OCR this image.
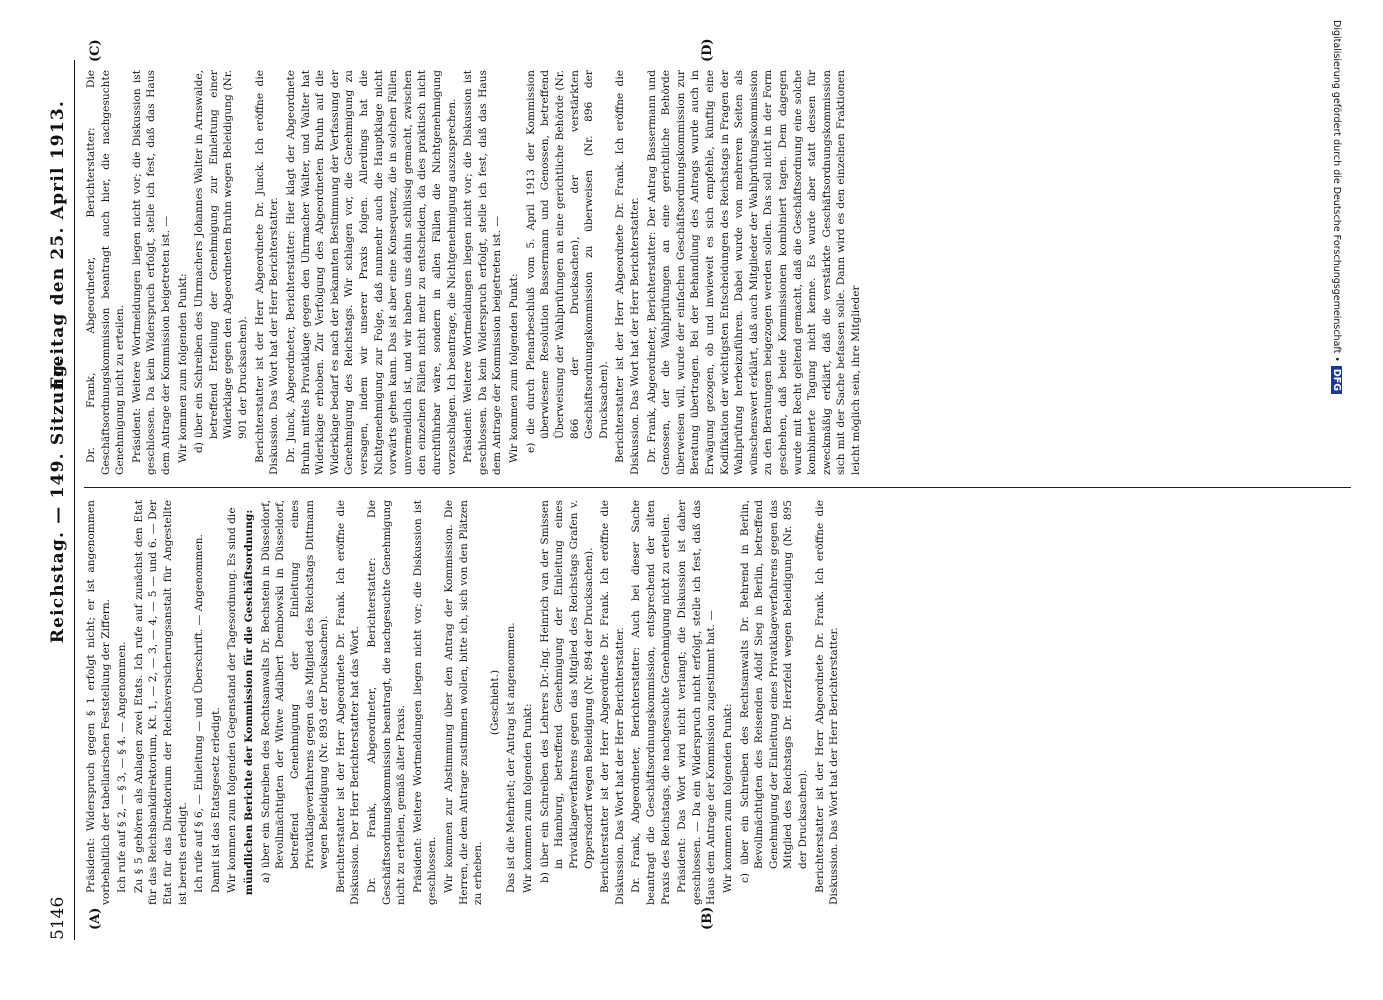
5146
Reichstag. — 149. Sitzung.
Freitag den 25. April 1913.
(A)	(B)
(C)	(D)

Präsident: Widerspruch gegen § 1 erfolgt nicht; er ist angenommen vorbehaltlich der tabellarischen Feststellung der Ziffern. Ich rufe auf § 2, — § 3, — § 4. — Angenommen. Zu § 5 gehören als Anlagen zwei Etats. Ich rufe auf zunächst den Etat für das Reichsbankdirektorium, Kt. 1, — 2, — 3, — 4, — 5 — und 6. — Der Etat für das Direktorium der Reichsversicherungsanstalt für Angestellte ist bereits erledigt. Ich rufe auf § 6, — Einleitung — und Überschrift. — Angenommen. Damit ist das Etatsgesetz erledigt. Wir kommen zum folgenden Gegenstand der Tagesordnung. Es sind die mündlichen Berichte der Kommission für die Geschäftsordnung: a) über ein Schreiben des Rechtsanwalts Dr. Bechstein in Düsseldorf, Bevollmächtigten der Witwe Adalbert Dembowski in Düsseldorf, betreffend Genehmigung der Einleitung eines Privatklageverfahrens gegen das Mitglied des Reichstags Dittmann wegen Beleidigung (Nr. 893 der Drucksachen). Berichterstatter ist der Herr Abgeordnete Dr. Frank. Ich eröffne die Diskussion. Der Herr Berichterstatter hat das Wort. Dr. Frank, Abgeordneter, Berichterstatter: Die Geschäftsordnungskommission beantragt, die nachgesuchte Genehmigung nicht zu erteilen, gemäß alter Praxis. Präsident: Weitere Wortmeldungen liegen nicht vor; die Diskussion ist geschlossen. Wir kommen zur Abstimmung über den Antrag der Kommission. Die Herren, die dem Antrage zustimmen wollen, bitte ich, sich von den Plätzen zu erheben.

(Geschieht.) Das ist die Mehrheit; der Antrag ist angenommen. Wir kommen zum folgenden Punkt: b) über ein Schreiben des Lehrers Dr.-Ing. Heinrich van der Smissen in Hamburg, betreffend Genehmigung der Einleitung eines Privatklageverfahrens gegen das Mitglied des Reichstags Grafen v. Oppersdorff wegen Beleidigung (Nr. 894 der Drucksachen). Berichterstatter ist der Herr Abgeordnete Dr. Frank. Ich eröffne die Diskussion. Das Wort hat der Herr Berichterstatter. Dr. Frank, Abgeordneter, Berichterstatter: Auch bei dieser Sache beantragt die Geschäftsordnungskommission, entsprechend der alten Praxis des Reichstags, die nachgesuchte Genehmigung nicht zu erteilen. Präsident: Das Wort wird nicht verlangt; die Diskussion ist daher geschlossen. — Da ein Widerspruch nicht erfolgt, stelle ich fest, daß das Haus dem Antrage der Kommission zugestimmt hat. — Wir kommen zum folgenden Punkt: c) über ein Schreiben des Rechtsanwalts Dr. Behrend in Berlin, Bevollmächtigten des Reisenden Adolf Sieg in Berlin, betreffend Genehmigung der Einleitung eines Privatklageverfahrens gegen das Mitglied des Reichstags Dr. Herzfeld wegen Beleidigung (Nr. 895 der Drucksachen). Berichterstatter ist der Herr Abgeordnete Dr. Frank. Ich eröffne die Diskussion. Das Wort hat der Herr Berichterstatter.

Dr. Frank, Abgeordneter, Berichterstatter: Die Geschäftsordnungskommission beantragt auch hier, die nachgesuchte Genehmigung nicht zu erteilen. Präsident: Weitere Wortmeldungen liegen nicht vor; die Diskussion ist geschlossen. Da kein Widerspruch erfolgt, stelle ich fest, daß das Haus dem Antrage der Kommission beigetreten ist. — Wir kommen zum folgenden Punkt: d) über ein Schreiben des Uhrmachers Johannes Walter in Arnswalde, betreffend Erteilung der Genehmigung zur Einleitung einer Widerklage gegen den Abgeordneten Bruhn wegen Beleidigung (Nr. 901 der Drucksachen). Berichterstatter ist der Herr Abgeordnete Dr. Junck. Ich eröffne die Diskussion. Das Wort hat der Herr Berichterstatter. Dr. Junck, Abgeordneter, Berichterstatter: Hier klagt der Abgeordnete Bruhn mittels Privatklage gegen den Uhrmacher Walter, und Walter hat Widerklage erhoben. Zur Verfolgung des Abgeordneten Bruhn auf die Widerklage bedarf es nach der bekannten Bestimmung der Verfassung der Genehmigung des Reichstags. Wir schlagen vor, die Genehmigung zu versagen, indem wir unserer Praxis folgen. Allerdings hat die Nichtgenehmigung zur Folge, daß nunmehr auch die Hauptklage nicht vorwärts gehen kann. Das ist aber eine Konsequenz, die in solchen Fällen unvermeidlich ist, und wir haben uns dahin schlüssig gemacht, zwischen den einzelnen Fällen nicht mehr zu entscheiden, da dies praktisch nicht durchführbar wäre, sondern in allen Fällen die Nichtgenehmigung vorzuschlagen. Ich beantrage, die Nichtgenehmigung auszusprechen. Präsident: Weitere Wortmeldungen liegen nicht vor; die Diskussion ist geschlossen. Da kein Widerspruch erfolgt, stelle ich fest, daß das Haus dem Antrage der Kommission beigetreten ist. — Wir kommen zum folgenden Punkt: e) die durch Plenarbeschluß vom 5. April 1913 der Kommission überwiesene Resolution Bassermann und Genossen, betreffend Überweisung der Wahlprüfungen an eine gerichtliche Behörde (Nr. 866 der Drucksachen), der verstärkten Geschäftsordnungskommission zu überweisen (Nr. 896 der Drucksachen). Berichterstatter ist der Herr Abgeordnete Dr. Frank. Ich eröffne die Diskussion. Das Wort hat der Herr Berichterstatter. Dr. Frank, Abgeordneter, Berichterstatter: Der Antrag Bassermann und Genossen, der die Wahlprüfungen an eine gerichtliche Behörde überweisen will, wurde der einfachen Geschäftsordnungskommission zur Beratung übertragen. Bei der Behandlung des Antrags wurde auch in Erwägung gezogen, ob und inwieweit es sich empfehle, künftig eine Kodifikation der wichtigsten Entscheidungen des Reichstags in Fragen der Wahlprüfung herbeizuführen. Dabei wurde von mehreren Seiten als wünschenswert erklärt, daß auch Mitglieder der Wahlprüfungskommission zu den Beratungen beigezogen werden sollen. Das soll nicht in der Form geschehen, daß beide Kommissionen kombiniert tagen. Dem dagegen wurde mit Recht geltend gemacht, daß die Geschäftsordnung eine solche kombinierte Tagung nicht kenne. Es wurde aber statt dessen für zweckmäßig erklärt, daß die verstärkte Geschäftsordnungskommission sich mit der Sache befassen solle. Dann wird es den einzelnen Fraktionen leicht möglich sein, ihre Mitglieder

Digitalisierung gefördert durch die Deutsche Forschungsgemeinschaft •DFG
